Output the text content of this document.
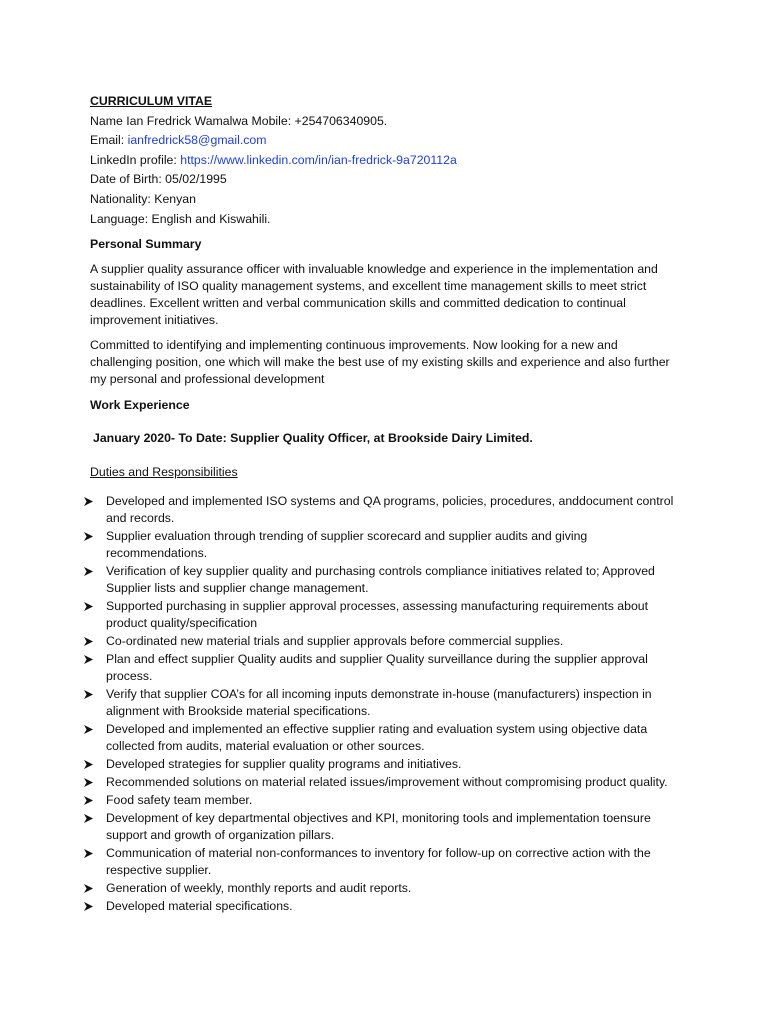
CURRICULUM VITAE

Name Ian Fredrick Wamalwa Mobile: +254706340905.

Email: ianfredrick58@gmail.com

LinkedIn profile: https://www.linkedin.com/in/ian-fredrick-9a720112a

Date of Birth: 05/02/1995

Nationality: Kenyan

Language: English and Kiswahili.

Personal Summary

A supplier quality assurance officer with invaluable knowledge and experience in the implementation and sustainability of ISO quality management systems, and excellent time management skills to meet strict deadlines. Excellent written and verbal communication skills and committed dedication to continual improvement initiatives.

Committed to identifying and implementing continuous improvements. Now looking for a new and challenging position, one which will make the best use of my existing skills and experience and also further my personal and professional development

Work Experience

January 2020- To Date: Supplier Quality Officer, at Brookside Dairy Limited.

Duties and Responsibilities

Developed and implemented ISO systems and QA programs, policies, procedures, anddocument control and records.
Supplier evaluation through trending of supplier scorecard and supplier audits and giving recommendations.
Verification of key supplier quality and purchasing controls compliance initiatives related to; Approved Supplier lists and supplier change management.
Supported purchasing in supplier approval processes, assessing manufacturing requirements about product quality/specification
Co-ordinated new material trials and supplier approvals before commercial supplies.
Plan and effect supplier Quality audits and supplier Quality surveillance during the supplier approval process.
Verify that supplier COA’s for all incoming inputs demonstrate in-house (manufacturers) inspection in alignment with Brookside material specifications.
Developed and implemented an effective supplier rating and evaluation system using objective data collected from audits, material evaluation or other sources.
Developed strategies for supplier quality programs and initiatives.
Recommended solutions on material related issues/improvement without compromising product quality.
Food safety team member.
Development of key departmental objectives and KPI, monitoring tools and implementation toensure support and growth of organization pillars.
Communication of material non-conformances to inventory for follow-up on corrective action with the respective supplier.
Generation of weekly, monthly reports and audit reports.
Developed material specifications.
